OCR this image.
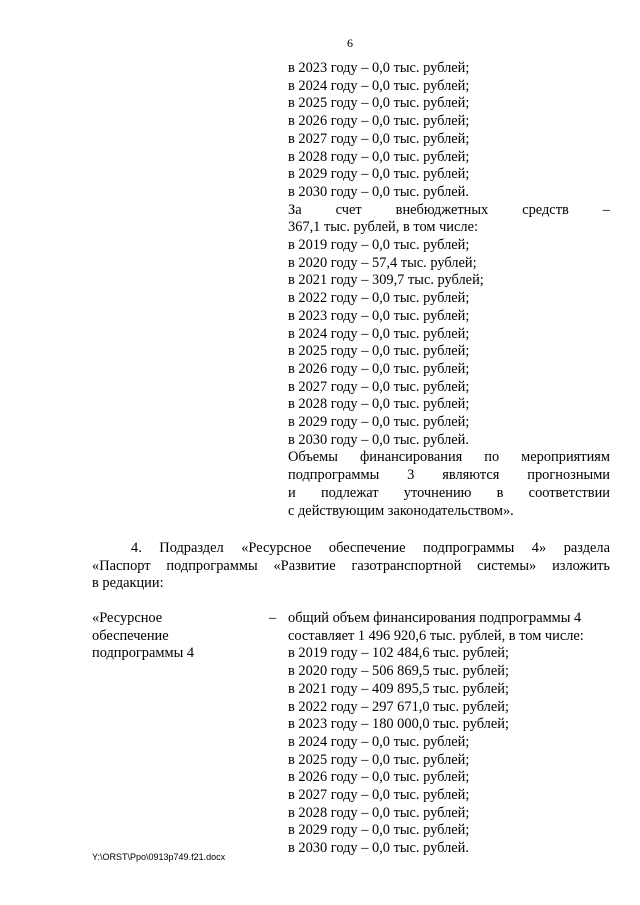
6
в 2023 году – 0,0 тыс. рублей;
в 2024 году – 0,0 тыс. рублей;
в 2025 году – 0,0 тыс. рублей;
в 2026 году – 0,0 тыс. рублей;
в 2027 году – 0,0 тыс. рублей;
в 2028 году – 0,0 тыс. рублей;
в 2029 году – 0,0 тыс. рублей;
в 2030 году – 0,0 тыс. рублей.
За счет внебюджетных средств –
367,1 тыс. рублей, в том числе:
в 2019 году – 0,0 тыс. рублей;
в 2020 году – 57,4 тыс. рублей;
в 2021 году – 309,7 тыс. рублей;
в 2022 году – 0,0 тыс. рублей;
в 2023 году – 0,0 тыс. рублей;
в 2024 году – 0,0 тыс. рублей;
в 2025 году – 0,0 тыс. рублей;
в 2026 году – 0,0 тыс. рублей;
в 2027 году – 0,0 тыс. рублей;
в 2028 году – 0,0 тыс. рублей;
в 2029 году – 0,0 тыс. рублей;
в 2030 году – 0,0 тыс. рублей.
Объемы финансирования по мероприятиям
подпрограммы 3 являются прогнозными
и подлежат уточнению в соответствии
с действующим законодательством».
4. Подраздел «Ресурсное обеспечение подпрограммы 4» раздела
«Паспорт подпрограммы «Развитие газотранспортной системы» изложить
в редакции:
«Ресурсное
обеспечение
подпрограммы 4
– общий объем финансирования подпрограммы 4
составляет 1 496 920,6 тыс. рублей, в том числе:
в 2019 году – 102 484,6 тыс. рублей;
в 2020 году – 506 869,5 тыс. рублей;
в 2021 году – 409 895,5 тыс. рублей;
в 2022 году – 297 671,0 тыс. рублей;
в 2023 году – 180 000,0 тыс. рублей;
в 2024 году – 0,0 тыс. рублей;
в 2025 году – 0,0 тыс. рублей;
в 2026 году – 0,0 тыс. рублей;
в 2027 году – 0,0 тыс. рублей;
в 2028 году – 0,0 тыс. рублей;
в 2029 году – 0,0 тыс. рублей;
в 2030 году – 0,0 тыс. рублей.
Y:\ORST\Ppo\0913p749.f21.docx
